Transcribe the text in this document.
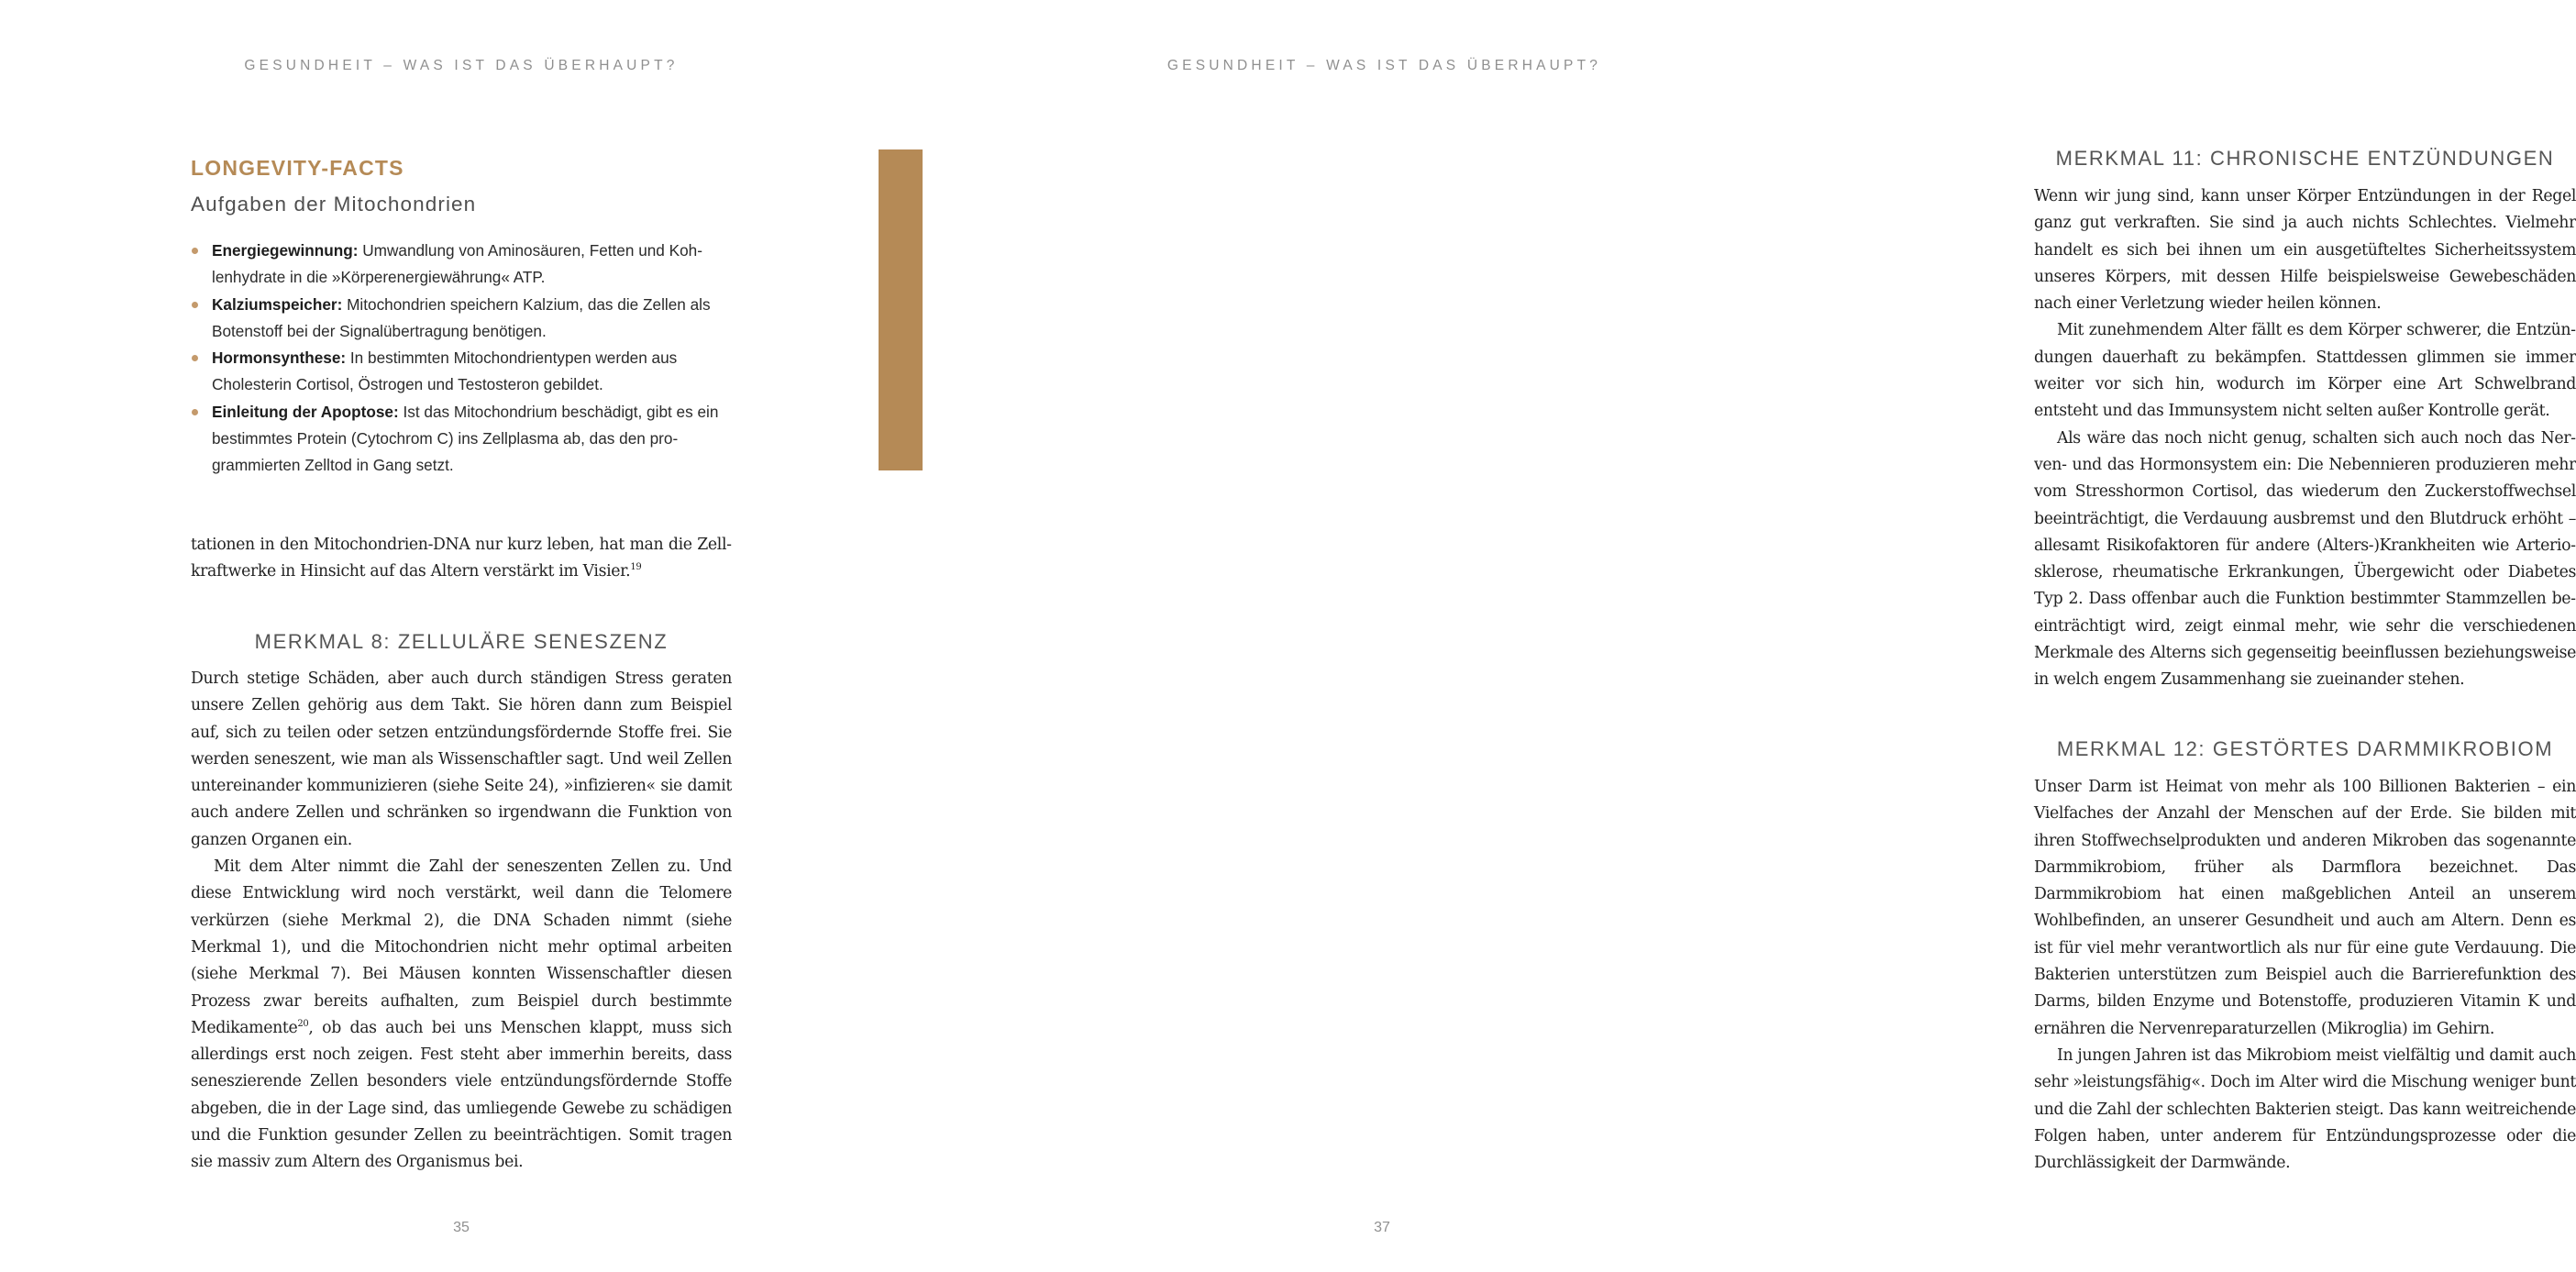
GESUNDHEIT – WAS IST DAS ÜBERHAUPT?
LONGEVITY-FACTS
Aufgaben der Mitochondrien
Energiegewinnung: Umwandlung von Aminosäuren, Fetten und Kohlenhydrate in die »Körperenergiewährung« ATP.
Kalziumspeicher: Mitochondrien speichern Kalzium, das die Zellen als Botenstoff bei der Signalübertragung benötigen.
Hormonsynthese: In bestimmten Mitochondrientypen werden aus Cholesterin Cortisol, Östrogen und Testosteron gebildet.
Einleitung der Apoptose: Ist das Mitochondrium beschädigt, gibt es ein bestimmtes Protein (Cytochrom C) ins Zellplasma ab, das den programmierten Zelltod in Gang setzt.

tationen in den Mitochondrien-DNA nur kurz leben, hat man die Zellkraftwerke in Hinsicht auf das Altern verstärkt im Visier.$^{19}$

MERKMAL 8: ZELLULÄRE SENESZENZ

Durch stetige Schäden, aber auch durch ständigen Stress geraten unsere Zellen gehörig aus dem Takt. Sie hören dann zum Beispiel auf, sich zu teilen oder setzen entzündungsfördernde Stoffe frei. Sie werden seneszent, wie man als Wissenschaftler sagt. Und weil Zellen untereinander kommunizieren (siehe Seite 24), »infizieren« sie damit auch andere Zellen und schränken so irgendwann die Funktion von ganzen Organen ein.

Mit dem Alter nimmt die Zahl der seneszenten Zellen zu. Und diese Entwicklung wird noch verstärkt, weil dann die Telomere verkürzen (siehe Merkmal 2), die DNA Schaden nimmt (siehe Merkmal 1), und die Mitochondrien nicht mehr optimal arbeiten (siehe Merkmal 7). Bei Mäusen konnten Wissenschaftler diesen Prozess zwar bereits aufhalten, zum Beispiel durch bestimmte Medikamente$^{20}$, ob das auch bei uns Menschen klappt, muss sich allerdings erst noch zeigen. Fest steht aber immerhin bereits, dass seneszierende Zellen besonders viele entzündungsfördernde Stoffe abgeben, die in der Lage sind, das umliegende Gewebe zu schädigen und die Funktion gesunder Zellen zu beeinträchtigen. Somit tragen sie massiv zum Altern des Organismus bei.

35
GESUNDHEIT – WAS IST DAS ÜBERHAUPT?
MERKMAL 11: CHRONISCHE ENTZÜNDUNGEN

Wenn wir jung sind, kann unser Körper Entzündungen in der Regel ganz gut verkraften. Sie sind ja auch nichts Schlechtes. Vielmehr handelt es sich bei ihnen um ein ausgetüfteltes Sicherheitssystem unseres Körpers, mit dessen Hilfe beispielsweise Gewebeschäden nach einer Verletzung wieder heilen können.

Mit zunehmendem Alter fällt es dem Körper schwerer, die Entzündungen dauerhaft zu bekämpfen. Stattdessen glimmen sie immer weiter vor sich hin, wodurch im Körper eine Art Schwelbrand entsteht und das Immunsystem nicht selten außer Kontrolle gerät.

Als wäre das noch nicht genug, schalten sich auch noch das Nerven- und das Hormonsystem ein: Die Nebennieren produzieren mehr vom Stresshormon Cortisol, das wiederum den Zuckerstoffwechsel beeinträchtigt, die Verdauung ausbremst und den Blutdruck erhöht – allesamt Risikofaktoren für andere (Alters-)Krankheiten wie Arteriosklerose, rheumatische Erkrankungen, Übergewicht oder Diabetes Typ 2. Dass offenbar auch die Funktion bestimmter Stammzellen beeinträchtigt wird, zeigt einmal mehr, wie sehr die verschiedenen Merkmale des Alterns sich gegenseitig beeinflussen beziehungsweise in welch engem Zusammenhang sie zueinander stehen.

MERKMAL 12: GESTÖRTES DARMMIKROBIOM

Unser Darm ist Heimat von mehr als 100 Billionen Bakterien – ein Vielfaches der Anzahl der Menschen auf der Erde. Sie bilden mit ihren Stoffwechselprodukten und anderen Mikroben das sogenannte Darmmikrobiom, früher als Darmflora bezeichnet. Das Darmmikrobiom hat einen maßgeblichen Anteil an unserem Wohlbefinden, an unserer Gesundheit und auch am Altern. Denn es ist für viel mehr verantwortlich als nur für eine gute Verdauung. Die Bakterien unterstützen zum Beispiel auch die Barrierefunktion des Darms, bilden Enzyme und Botenstoffe, produzieren Vitamin K und ernähren die Nervenreparaturzellen (Mikroglia) im Gehirn.

In jungen Jahren ist das Mikrobiom meist vielfältig und damit auch sehr »leistungsfähig«. Doch im Alter wird die Mischung weniger bunt und die Zahl der schlechten Bakterien steigt. Das kann weitreichende Folgen haben, unter anderem für Entzündungsprozesse oder die Durchlässigkeit der Darmwände.

37
